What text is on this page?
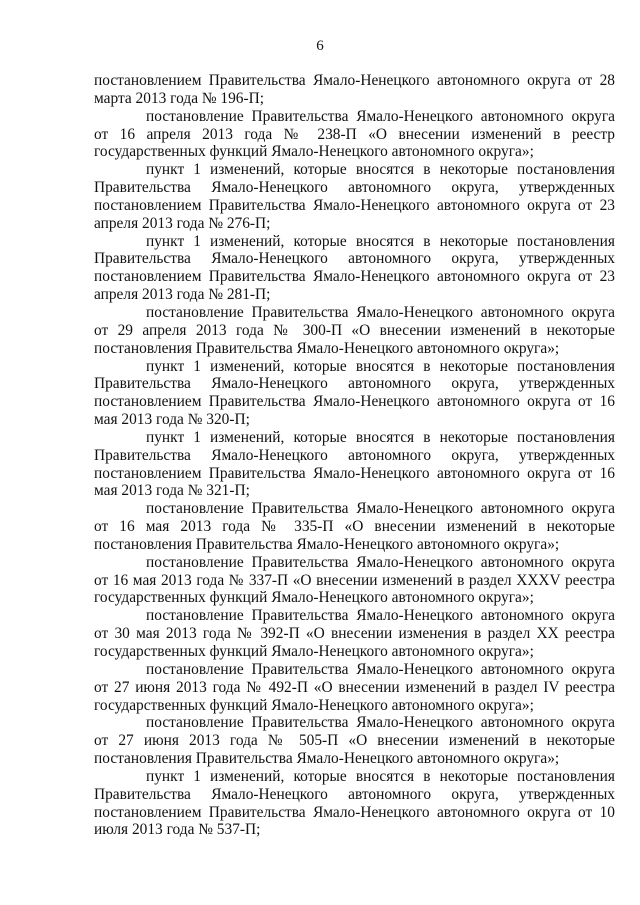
6

постановлением Правительства Ямало-Ненецкого автономного округа от 28 марта 2013 года № 196-П;

постановление Правительства Ямало-Ненецкого автономного округа от 16 апреля 2013 года № 238-П «О внесении изменений в реестр государственных функций Ямало-Ненецкого автономного округа»;

пункт 1 изменений, которые вносятся в некоторые постановления Правительства Ямало-Ненецкого автономного округа, утвержденных постановлением Правительства Ямало-Ненецкого автономного округа от 23 апреля 2013 года № 276-П;

пункт 1 изменений, которые вносятся в некоторые постановления Правительства Ямало-Ненецкого автономного округа, утвержденных постановлением Правительства Ямало-Ненецкого автономного округа от 23 апреля 2013 года № 281-П;

постановление Правительства Ямало-Ненецкого автономного округа от 29 апреля 2013 года № 300-П «О внесении изменений в некоторые постановления Правительства Ямало-Ненецкого автономного округа»;

пункт 1 изменений, которые вносятся в некоторые постановления Правительства Ямало-Ненецкого автономного округа, утвержденных постановлением Правительства Ямало-Ненецкого автономного округа от 16 мая 2013 года № 320-П;

пункт 1 изменений, которые вносятся в некоторые постановления Правительства Ямало-Ненецкого автономного округа, утвержденных постановлением Правительства Ямало-Ненецкого автономного округа от 16 мая 2013 года № 321-П;

постановление Правительства Ямало-Ненецкого автономного округа от 16 мая 2013 года № 335-П «О внесении изменений в некоторые постановления Правительства Ямало-Ненецкого автономного округа»;

постановление Правительства Ямало-Ненецкого автономного округа от 16 мая 2013 года № 337-П «О внесении изменений в раздел XXXV реестра государственных функций Ямало-Ненецкого автономного округа»;

постановление Правительства Ямало-Ненецкого автономного округа от 30 мая 2013 года № 392-П «О внесении изменения в раздел XX реестра государственных функций Ямало-Ненецкого автономного округа»;

постановление Правительства Ямало-Ненецкого автономного округа от 27 июня 2013 года № 492-П «О внесении изменений в раздел IV реестра государственных функций Ямало-Ненецкого автономного округа»;

постановление Правительства Ямало-Ненецкого автономного округа от 27 июня 2013 года № 505-П «О внесении изменений в некоторые постановления Правительства Ямало-Ненецкого автономного округа»;

пункт 1 изменений, которые вносятся в некоторые постановления Правительства Ямало-Ненецкого автономного округа, утвержденных постановлением Правительства Ямало-Ненецкого автономного округа от 10 июля 2013 года № 537-П;
